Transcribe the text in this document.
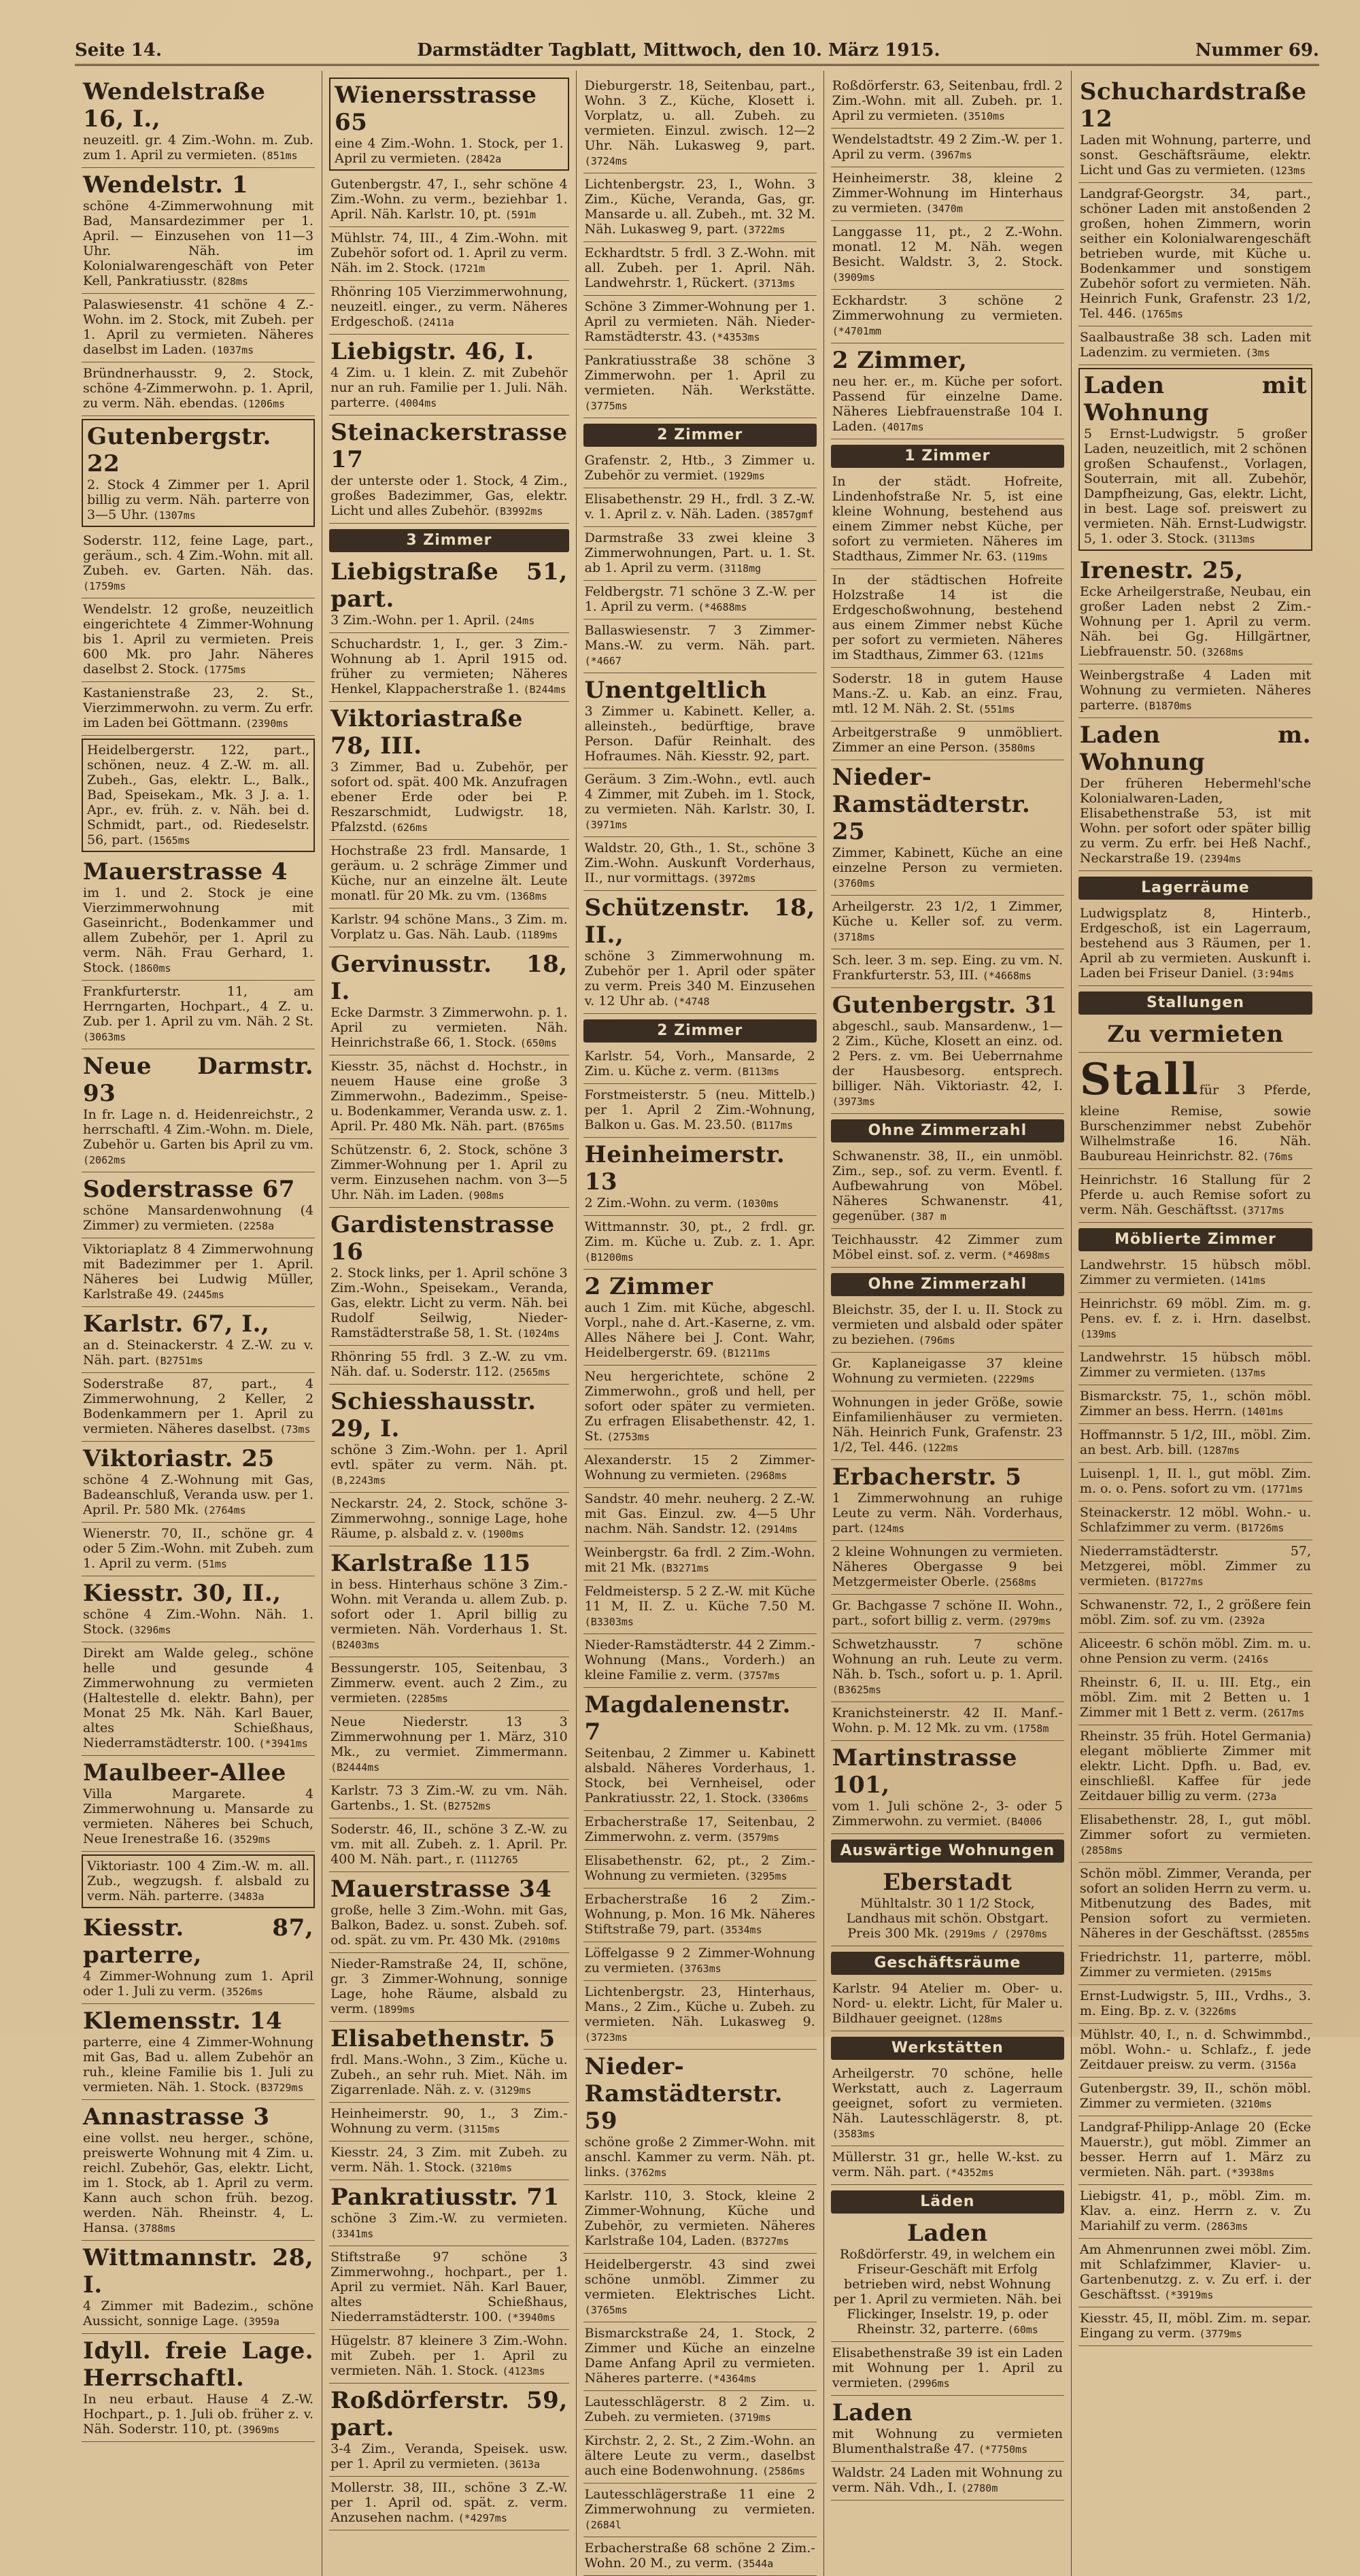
Seite 14.	Darmstädter Tagblatt, Mittwoch, den 10. März 1915.	Nummer 69.
Wendelstraße 16, I.,
neuzeitl. gr. 4 Zim.-Wohn. m. Zub. zum 1. April zu vermieten. (851ms
Wendelstr. 1
schöne 4-Zimmerwohnung mit Bad, Mansardezimmer per 1. April. — Einzusehen von 11—3 Uhr. Näh. im Kolonialwarengeschäft von Peter Kell, Pankratiusstr. (828ms
Palaswiesenstr. 41 schöne 4 Z.-Wohn. im 2. Stock, mit Zubeh. per 1. April zu vermieten. Näheres daselbst im Laden. (1037ms
Bründnerhausstr. 9, 2. Stock, schöne 4-Zimmerwohn. p. 1. April, zu verm. Näh. ebendas. (1206ms
Gutenbergstr. 22
2. Stock 4 Zimmer per 1. April billig zu verm. Näh. parterre von 3—5 Uhr. (1307ms
Soderstr. 112, feine Lage, part., geräum., sch. 4 Zim.-Wohn. mit all. Zubeh. ev. Garten. Näh. das. (1759ms
Wendelstr. 12 große, neuzeitlich eingerichtete 4 Zimmer-Wohnung bis 1. April zu vermieten. Preis 600 Mk. pro Jahr. Näheres daselbst 2. Stock. (1775ms
Kastanienstraße 23, 2. St., Vierzimmerwohn. zu verm. Zu erfr. im Laden bei Göttmann. (2390ms
Heidelbergerstr. 122, part., schönen, neuz. 4 Z.-W. m. all. Zubeh., Gas, elektr. L., Balk., Bad, Speisekam., Mk. 3 J. a. 1. Apr., ev. früh. z. v. Näh. bei d. Schmidt, part., od. Riedeselstr. 56, part. (1565ms
Mauerstrasse 4
im 1. und 2. Stock je eine Vierzimmerwohnung mit Gaseinricht., Bodenkammer und allem Zubehör, per 1. April zu verm. Näh. Frau Gerhard, 1. Stock. (1860ms
Frankfurterstr. 11, am Herrngarten, Hochpart., 4 Z. u. Zub. per 1. April zu vm. Näh. 2 St. (3063ms
Neue Darmstr. 93
In fr. Lage n. d. Heidenreichstr., 2 herrschaftl. 4 Zim.-Wohn. m. Diele, Zubehör u. Garten bis April zu vm. (2062ms
Soderstrasse 67
schöne Mansardenwohnung (4 Zimmer) zu vermieten. (2258a
Viktoriaplatz 8 4 Zimmerwohnung mit Badezimmer per 1. April. Näheres bei Ludwig Müller, Karlstraße 49. (2445ms
Karlstr. 67, I.,
an d. Steinackerstr. 4 Z.-W. zu v. Näh. part. (B2751ms
Soderstraße 87, part., 4 Zimmerwohnung, 2 Keller, 2 Bodenkammern per 1. April zu vermieten. Näheres daselbst. (73ms
Viktoriastr. 25
schöne 4 Z.-Wohnung mit Gas, Badeanschluß, Veranda usw. per 1. April. Pr. 580 Mk. (2764ms
Wienerstr. 70, II., schöne gr. 4 oder 5 Zim.-Wohn. mit Zubeh. zum 1. April zu verm. (51ms
Kiesstr. 30, II.,
schöne 4 Zim.-Wohn. Näh. 1. Stock. (3296ms
Direkt am Walde geleg., schöne helle und gesunde 4 Zimmerwohnung zu vermieten (Haltestelle d. elektr. Bahn), per Monat 25 Mk. Näh. Karl Bauer, altes Schießhaus, Niederramstädterstr. 100. (*3941ms
Maulbeer-Allee
Villa Margarete. 4 Zimmerwohnung u. Mansarde zu vermieten. Näheres bei Schuch, Neue Irenestraße 16. (3529ms
Viktoriastr. 100 4 Zim.-W. m. all. Zub., wegzugsh. f. alsbald zu verm. Näh. parterre. (3483a
Kiesstr. 87, parterre,
4 Zimmer-Wohnung zum 1. April oder 1. Juli zu verm. (3526ms
Klemensstr. 14
parterre, eine 4 Zimmer-Wohnung mit Gas, Bad u. allem Zubehör an ruh., kleine Familie bis 1. Juli zu vermieten. Näh. 1. Stock. (B3729ms
Annastrasse 3
eine vollst. neu herger., schöne, preiswerte Wohnung mit 4 Zim. u. reichl. Zubehör, Gas, elektr. Licht, im 1. Stock, ab 1. April zu verm. Kann auch schon früh. bezog. werden. Näh. Rheinstr. 4, L. Hansa. (3788ms
Wittmannstr. 28, I.
4 Zimmer mit Badezim., schöne Aussicht, sonnige Lage. (3959a
Idyll. freie Lage. Herrschaftl.
In neu erbaut. Hause 4 Z.-W. Hochpart., p. 1. Juli ob. früher z. v. Näh. Soderstr. 110, pt. (3969ms
Wienersstrasse 65
eine 4 Zim.-Wohn. 1. Stock, per 1. April zu vermieten. (2842a
Gutenbergstr. 47, I., sehr schöne 4 Zim.-Wohn. zu verm., beziehbar 1. April. Näh. Karlstr. 10, pt. (591m
Mühlstr. 74, III., 4 Zim.-Wohn. mit Zubehör sofort od. 1. April zu verm. Näh. im 2. Stock. (1721m
Rhönring 105 Vierzimmerwohnung, neuzeitl. einger., zu verm. Näheres Erdgeschoß. (2411a
Liebigstr. 46, I.
4 Zim. u. 1 klein. Z. mit Zubehör nur an ruh. Familie per 1. Juli. Näh. parterre. (4004ms
Steinackerstrasse 17
der unterste oder 1. Stock, 4 Zim., großes Badezimmer, Gas, elektr. Licht und alles Zubehör. (B3992ms
3 Zimmer
Liebigstraße 51, part.
3 Zim.-Wohn. per 1. April. (24ms
Schuchardstr. 1, I., ger. 3 Zim.-Wohnung ab 1. April 1915 od. früher zu vermieten; Näheres Henkel, Klappacherstraße 1. (B244ms
Viktoriastraße 78, III.
3 Zimmer, Bad u. Zubehör, per sofort od. spät. 400 Mk. Anzufragen ebener Erde oder bei P. Reszarschmidt, Ludwigstr. 18, Pfalzstd. (626ms
Hochstraße 23 frdl. Mansarde, 1 geräum. u. 2 schräge Zimmer und Küche, nur an einzelne ält. Leute monatl. für 20 Mk. zu vm. (1368ms
Karlstr. 94 schöne Mans., 3 Zim. m. Vorplatz u. Gas. Näh. Laub. (1189ms
Gervinusstr. 18, I.
Ecke Darmstr. 3 Zimmerwohn. p. 1. April zu vermieten. Näh. Heinrichstraße 66, 1. Stock. (650ms
Kiesstr. 35, nächst d. Hochstr., in neuem Hause eine große 3 Zimmerwohn., Badezimm., Speise-u. Bodenkammer, Veranda usw. z. 1. April. Pr. 480 Mk. Näh. part. (B765ms
Schützenstr. 6, 2. Stock, schöne 3 Zimmer-Wohnung per 1. April zu verm. Einzusehen nachm. von 3—5 Uhr. Näh. im Laden. (908ms
Gardistenstrasse 16
2. Stock links, per 1. April schöne 3 Zim.-Wohn., Speisekam., Veranda, Gas, elektr. Licht zu verm. Näh. bei Rudolf Seilwig, Nieder-Ramstädterstraße 58, 1. St. (1024ms
Rhönring 55 frdl. 3 Z.-W. zu vm. Näh. daf. u. Soderstr. 112. (2565ms
Schiesshausstr. 29, I.
schöne 3 Zim.-Wohn. per 1. April evtl. später zu verm. Näh. pt. (B,2243ms
Neckarstr. 24, 2. Stock, schöne 3-Zimmerwohng., sonnige Lage, hohe Räume, p. alsbald z. v. (1900ms
Karlstraße 115
in bess. Hinterhaus schöne 3 Zim.-Wohn. mit Veranda u. allem Zub. p. sofort oder 1. April billig zu vermieten. Näh. Vorderhaus 1. St. (B2403ms
Bessungerstr. 105, Seitenbau, 3 Zimmerw. event. auch 2 Zim., zu vermieten. (2285ms
Neue Niederstr. 13 3 Zimmerwohnung per 1. März, 310 Mk., zu vermiet. Zimmermann. (B2444ms
Karlstr. 73 3 Zim.-W. zu vm. Näh. Gartenbs., 1. St. (B2752ms
Soderstr. 46, II., schöne 3 Z.-W. zu vm. mit all. Zubeh. z. 1. April. Pr. 400 M. Näh. part., r. (1112765
Mauerstrasse 34
große, helle 3 Zim.-Wohn. mit Gas, Balkon, Badez. u. sonst. Zubeh. sof. od. spät. zu vm. Pr. 430 Mk. (2910ms
Nieder-Ramstraße 24, II, schöne, gr. 3 Zimmer-Wohnung, sonnige Lage, hohe Räume, alsbald zu verm. (1899ms
Elisabethenstr. 5
frdl. Mans.-Wohn., 3 Zim., Küche u. Zubeh., an sehr ruh. Miet. Näh. im Zigarrenlade. Näh. z. v. (3129ms
Heinheimerstr. 90, 1., 3 Zim.-Wohnung zu verm. (3115ms
Kiesstr. 24, 3 Zim. mit Zubeh. zu verm. Näh. 1. Stock. (3210ms
Pankratiusstr. 71
schöne 3 Zim.-W. zu vermieten. (3341ms
Stiftstraße 97 schöne 3 Zimmerwohng., hochpart., per 1. April zu vermiet. Näh. Karl Bauer, altes Schießhaus, Niederramstädterstr. 100. (*3940ms
Hügelstr. 87 kleinere 3 Zim.-Wohn. mit Zubeh. per 1. April zu vermieten. Näh. 1. Stock. (4123ms
Roßdörferstr. 59, part.
3-4 Zim., Veranda, Speisek. usw. per 1. April zu vermieten. (3613a
Mollerstr. 38, III., schöne 3 Z.-W. per 1. April od. spät. z. verm. Anzusehen nachm. (*4297ms
Dieburgerstr. 18, Seitenbau, part., Wohn. 3 Z., Küche, Klosett i. Vorplatz, u. all. Zubeh. zu vermieten. Einzul. zwisch. 12—2 Uhr. Näh. Lukasweg 9, part. (3724ms
Lichtenbergstr. 23, I., Wohn. 3 Zim., Küche, Veranda, Gas, gr. Mansarde u. all. Zubeh., mt. 32 M. Näh. Lukasweg 9, part. (3722ms
Eckhardtstr. 5 frdl. 3 Z.-Wohn. mit all. Zubeh. per 1. April. Näh. Landwehrstr. 1, Rückert. (3713ms
Schöne 3 Zimmer-Wohnung per 1. April zu vermieten. Näh. Nieder-Ramstädterstr. 43. (*4353ms
Pankratiusstraße 38 schöne 3 Zimmerwohn. per 1. April zu vermieten. Näh. Werkstätte. (3775ms
2 Zimmer
Grafenstr. 2, Htb., 3 Zimmer u. Zubehör zu vermiet. (1929ms
Elisabethenstr. 29 H., frdl. 3 Z.-W. v. 1. April z. v. Näh. Laden. (3857gmf
Darmstraße 33 zwei kleine 3 Zimmerwohnungen, Part. u. 1. St. ab 1. April zu verm. (3118mg
Feldbergstr. 71 schöne 3 Z.-W. per 1. April zu verm. (*4688ms
Ballaswiesenstr. 7 3 Zimmer-Mans.-W. zu verm. Näh. part. (*4667
Unentgeltlich
3 Zimmer u. Kabinett. Keller, a. alleinsteh., bedürftige, brave Person. Dafür Reinhalt. des Hofraumes. Näh. Kiesstr. 92, part.
Geräum. 3 Zim.-Wohn., evtl. auch 4 Zimmer, mit Zubeh. im 1. Stock, zu vermieten. Näh. Karlstr. 30, I. (3971ms
Waldstr. 20, Gth., 1. St., schöne 3 Zim.-Wohn. Auskunft Vorderhaus, II., nur vormittags. (3972ms
Schützenstr. 18, II.,
schöne 3 Zimmerwohnung m. Zubehör per 1. April oder später zu verm. Preis 340 M. Einzusehen v. 12 Uhr ab. (*4748
2 Zimmer
Karlstr. 54, Vorh., Mansarde, 2 Zim. u. Küche z. verm. (B113ms
Forstmeisterstr. 5 (neu. Mittelb.) per 1. April 2 Zim.-Wohnung, Balkon u. Gas. M. 23.50. (B117ms
Heinheimerstr. 13
2 Zim.-Wohn. zu verm. (1030ms
Wittmannstr. 30, pt., 2 frdl. gr. Zim. m. Küche u. Zub. z. 1. Apr. (B1200ms
2 Zimmer
auch 1 Zim. mit Küche, abgeschl. Vorpl., nahe d. Art.-Kaserne, z. vm. Alles Nähere bei J. Cont. Wahr, Heidelbergerstr. 69. (B1211ms
Neu hergerichtete, schöne 2 Zimmerwohn., groß und hell, per sofort oder später zu vermieten. Zu erfragen Elisabethenstr. 42, 1. St. (2753ms
Alexanderstr. 15 2 Zimmer-Wohnung zu vermieten. (2968ms
Sandstr. 40 mehr. neuherg. 2 Z.-W. mit Gas. Einzul. zw. 4—5 Uhr nachm. Näh. Sandstr. 12. (2914ms
Weinbergstr. 6a frdl. 2 Zim.-Wohn. mit 21 Mk. (B3271ms
Feldmeistersp. 5 2 Z.-W. mit Küche 11 M, II. Z. u. Küche 7.50 M. (B3303ms
Nieder-Ramstädterstr. 44 2 Zimm.-Wohnung (Mans., Vorderh.) an kleine Familie z. verm. (3757ms
Magdalenenstr. 7
Seitenbau, 2 Zimmer u. Kabinett alsbald. Näheres Vorderhaus, 1. Stock, bei Vernheisel, oder Pankratiusstr. 22, 1. Stock. (3306ms
Erbacherstraße 17, Seitenbau, 2 Zimmerwohn. z. verm. (3579ms
Elisabethenstr. 62, pt., 2 Zim.-Wohnung zu vermieten. (3295ms
Erbacherstraße 16 2 Zim.-Wohnung, p. Mon. 16 Mk. Näheres Stiftstraße 79, part. (3534ms
Löffelgasse 9 2 Zimmer-Wohnung zu vermieten. (3763ms
Lichtenbergstr. 23, Hinterhaus, Mans., 2 Zim., Küche u. Zubeh. zu vermieten. Näh. Lukasweg 9. (3723ms
Nieder-Ramstädterstr. 59
schöne große 2 Zimmer-Wohn. mit anschl. Kammer zu verm. Näh. pt. links. (3762ms
Karlstr. 110, 3. Stock, kleine 2 Zimmer-Wohnung, Küche und Zubehör, zu vermieten. Näheres Karlstraße 104, Laden. (B3727ms
Heidelbergerstr. 43 sind zwei schöne unmöbl. Zimmer zu vermieten. Elektrisches Licht. (3765ms
Bismarckstraße 24, 1. Stock, 2 Zimmer und Küche an einzelne Dame Anfang April zu vermieten. Näheres parterre. (*4364ms
Lautesschlägerstr. 8 2 Zim. u. Zubeh. zu vermieten. (3719ms
Kirchstr. 2, 2. St., 2 Zim.-Wohn. an ältere Leute zu verm., daselbst auch eine Bodenwohnung. (2586ms
Lautesschlägerstraße 11 eine 2 Zimmerwohnung zu vermieten. (2684l
Erbacherstraße 68 schöne 2 Zim.-Wohn. 20 M., zu verm. (3544a
Roßdörferstr. 63, Seitenbau, frdl. 2 Zim.-Wohn. mit all. Zubeh. pr. 1. April zu vermieten. (3510ms
Wendelstadtstr. 49 2 Zim.-W. per 1. April zu verm. (3967ms
Heinheimerstr. 38, kleine 2 Zimmer-Wohnung im Hinterhaus zu vermieten. (3470m
Langgasse 11, pt., 2 Z.-Wohn. monatl. 12 M. Näh. wegen Besicht. Waldstr. 3, 2. Stock. (3909ms
Eckhardstr. 3 schöne 2 Zimmerwohnung zu vermieten. (*4701mm
2 Zimmer,
neu her. er., m. Küche per sofort. Passend für einzelne Dame. Näheres Liebfrauenstraße 104 I. Laden. (4017ms
1 Zimmer
In der städt. Hofreite, Lindenhofstraße Nr. 5, ist eine kleine Wohnung, bestehend aus einem Zimmer nebst Küche, per sofort zu vermieten. Näheres im Stadthaus, Zimmer Nr. 63. (119ms
In der städtischen Hofreite Holzstraße 14 ist die Erdgeschoßwohnung, bestehend aus einem Zimmer nebst Küche per sofort zu vermieten. Näheres im Stadthaus, Zimmer 63. (121ms
Soderstr. 18 in gutem Hause Mans.-Z. u. Kab. an einz. Frau, mtl. 12 M. Näh. 2. St. (551ms
Arbeitgerstraße 9 unmöbliert. Zimmer an eine Person. (3580ms
Nieder-Ramstädterstr. 25
Zimmer, Kabinett, Küche an eine einzelne Person zu vermieten. (3760ms
Arheilgerstr. 23 1/2, 1 Zimmer, Küche u. Keller sof. zu verm. (3718ms
Sch. leer. 3 m. sep. Eing. zu vm. N. Frankfurterstr. 53, III. (*4668ms
Gutenbergstr. 31
abgeschl., saub. Mansardenw., 1—2 Zim., Küche, Klosett an einz. od. 2 Pers. z. vm. Bei Ueberrnahme der Hausbesorg. entsprech. billiger. Näh. Viktoriastr. 42, I. (3973ms
Ohne Zimmerzahl
Schwanenstr. 38, II., ein unmöbl. Zim., sep., sof. zu verm. Eventl. f. Aufbewahrung von Möbel. Näheres Schwanenstr. 41, gegenüber. (387 m
Teichhausstr. 42 Zimmer zum Möbel einst. sof. z. verm. (*4698ms
Ohne Zimmerzahl
Bleichstr. 35, der I. u. II. Stock zu vermieten und alsbald oder später zu beziehen. (796ms
Gr. Kaplaneigasse 37 kleine Wohnung zu vermieten. (2229ms
Wohnungen in jeder Größe, sowie Einfamilienhäuser zu vermieten. Näh. Heinrich Funk, Grafenstr. 23 1/2, Tel. 446. (122ms
Erbacherstr. 5
1 Zimmerwohnung an ruhige Leute zu verm. Näh. Vorderhaus, part. (124ms
2 kleine Wohnungen zu vermieten. Näheres Obergasse 9 bei Metzgermeister Oberle. (2568ms
Gr. Bachgasse 7 schöne II. Wohn., part., sofort billig z. verm. (2979ms
Schwetzhausstr. 7 schöne Wohnung an ruh. Leute zu verm. Näh. b. Tsch., sofort u. p. 1. April. (B3625ms
Kranichsteinerstr. 42 II. Manf.-Wohn. p. M. 12 Mk. zu vm. (1758m
Martinstrasse 101,
vom 1. Juli schöne 2-, 3- oder 5 Zimmerwohn. zu vermiet. (B4006
Auswärtige Wohnungen
Eberstadt
Mühltalstr. 30 1 1/2 Stock, Landhaus mit schön. Obstgart. Preis 300 Mk. (2919ms / (2970ms
Geschäftsräume
Karlstr. 94 Atelier m. Ober- u. Nord- u. elektr. Licht, für Maler u. Bildhauer geeignet. (128ms
Werkstätten
Arheilgerstr. 70 schöne, helle Werkstatt, auch z. Lagerraum geeignet, sofort zu vermieten. Näh. Lautesschlägerstr. 8, pt. (3583ms
Müllerstr. 31 gr., helle W.-kst. zu verm. Näh. part. (*4352ms
Läden
Laden
Roßdörferstr. 49, in welchem ein Friseur-Geschäft mit Erfolg betrieben wird, nebst Wohnung per 1. April zu vermieten. Näh. bei Flickinger, Inselstr. 19, p. oder Rheinstr. 32, parterre. (60ms
Elisabethenstraße 39 ist ein Laden mit Wohnung per 1. April zu vermieten. (2996ms
Laden
mit Wohnung zu vermieten Blumenthalstraße 47. (*7750ms
Waldstr. 24 Laden mit Wohnung zu verm. Näh. Vdh., I. (2780m
Schuchardstraße 12
Laden mit Wohnung, parterre, und sonst. Geschäftsräume, elektr. Licht und Gas zu vermieten. (123ms
Landgraf-Georgstr. 34, part., schöner Laden mit anstoßenden 2 großen, hohen Zimmern, worin seither ein Kolonialwarengeschäft betrieben wurde, mit Küche u. Bodenkammer und sonstigem Zubehör sofort zu vermieten. Näh. Heinrich Funk, Grafenstr. 23 1/2, Tel. 446. (1765ms
Saalbaustraße 38 sch. Laden mit Ladenzim. zu vermieten. (3ms
Laden mit Wohnung
5 Ernst-Ludwigstr. 5 großer Laden, neuzeitlich, mit 2 schönen großen Schaufenst., Vorlagen, Souterrain, mit all. Zubehör, Dampfheizung, Gas, elektr. Licht, in best. Lage sof. preiswert zu vermieten. Näh. Ernst-Ludwigstr. 5, 1. oder 3. Stock. (3113ms
Irenestr. 25,
Ecke Arheilgerstraße, Neubau, ein großer Laden nebst 2 Zim.-Wohnung per 1. April zu verm. Näh. bei Gg. Hillgärtner, Liebfrauenstr. 50. (3268ms
Weinbergstraße 4 Laden mit Wohnung zu vermieten. Näheres parterre. (B1870ms
Laden m. Wohnung
Der früheren Hebermehl'sche Kolonialwaren-Laden, Elisabethenstraße 53, ist mit Wohn. per sofort oder später billig zu verm. Zu erfr. bei Heß Nachf., Neckarstraße 19. (2394ms
Lagerräume
Ludwigsplatz 8, Hinterb., Erdgeschoß, ist ein Lagerraum, bestehend aus 3 Räumen, per 1. April ab zu vermieten. Auskunft i. Laden bei Friseur Daniel. (3:94ms
Stallungen
Zu vermieten
Stallfür 3 Pferde, kleine Remise, sowie Burschenzimmer nebst Zubehör Wilhelmstraße 16. Näh. Baubureau Heinrichstr. 82. (76ms
Heinrichstr. 16 Stallung für 2 Pferde u. auch Remise sofort zu verm. Näh. Geschäftsst. (3717ms
Möblierte Zimmer
Landwehrstr. 15 hübsch möbl. Zimmer zu vermieten. (141ms
Heinrichstr. 69 möbl. Zim. m. g. Pens. ev. f. z. i. Hrn. daselbst. (139ms
Landwehrstr. 15 hübsch möbl. Zimmer zu vermieten. (137ms
Bismarckstr. 75, 1., schön möbl. Zimmer an bess. Herrn. (1401ms
Hoffmannstr. 5 1/2, III., möbl. Zim. an best. Arb. bill. (1287ms
Luisenpl. 1, II. l., gut möbl. Zim. m. o. o. Pens. sofort zu vm. (1771ms
Steinackerstr. 12 möbl. Wohn.- u. Schlafzimmer zu verm. (B1726ms
Niederramstädterstr. 57, Metzgerei, möbl. Zimmer zu vermieten. (B1727ms
Schwanenstr. 72, I., 2 größere fein möbl. Zim. sof. zu vm. (2392a
Aliceestr. 6 schön möbl. Zim. m. u. ohne Pension zu verm. (2416s
Rheinstr. 6, II. u. III. Etg., ein möbl. Zim. mit 2 Betten u. 1 Zimmer mit 1 Bett z. verm. (2617ms
Rheinstr. 35 früh. Hotel Germania) elegant möblierte Zimmer mit elektr. Licht. Dpfh. u. Bad, ev. einschließl. Kaffee für jede Zeitdauer billig zu verm. (273a
Elisabethenstr. 28, I., gut möbl. Zimmer sofort zu vermieten. (2858ms
Schön möbl. Zimmer, Veranda, per sofort an soliden Herrn zu verm. u. Mitbenutzung des Bades, mit Pension sofort zu vermieten. Näheres in der Geschäftsst. (2855ms
Friedrichstr. 11, parterre, möbl. Zimmer zu vermieten. (2915ms
Ernst-Ludwigstr. 5, III., Vrdhs., 3. m. Eing. Bp. z. v. (3226ms
Mühlstr. 40, I., n. d. Schwimmbd., möbl. Wohn.- u. Schlafz., f. jede Zeitdauer preisw. zu verm. (3156a
Gutenbergstr. 39, II., schön möbl. Zimmer zu vermieten. (3210ms
Landgraf-Philipp-Anlage 20 (Ecke Mauerstr.), gut möbl. Zimmer an besser. Herrn auf 1. März zu vermieten. Näh. part. (*3938ms
Liebigstr. 41, p., möbl. Zim. m. Klav. a. einz. Herrn z. v. Zu Mariahilf zu verm. (2863ms
Am Ahmenrunnen zwei möbl. Zim. mit Schlafzimmer, Klavier- u. Gartenbenutzg. z. v. Zu erf. i. der Geschäftsst. (*3919ms
Kiesstr. 45, II, möbl. Zim. m. separ. Eingang zu verm. (3779ms
